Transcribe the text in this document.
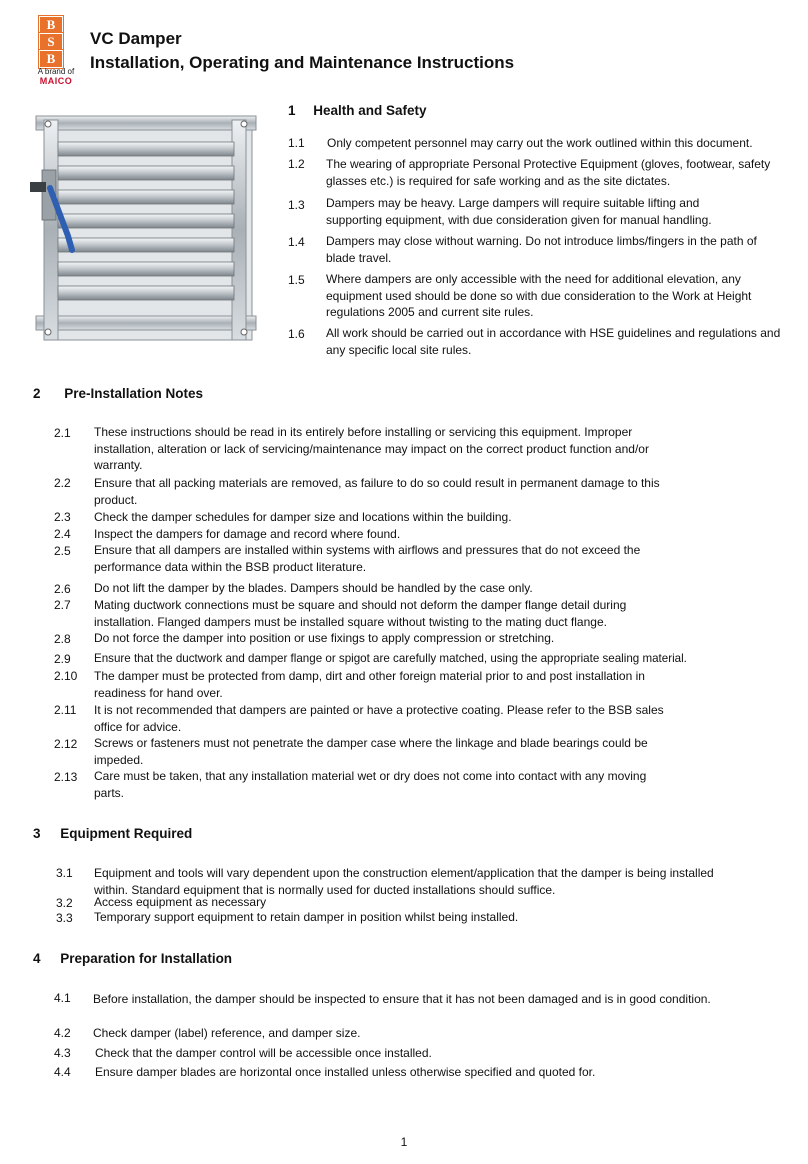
B
S
B
A brand of
MAICO
VC Damper
Installation, Operating and Maintenance Instructions
1 Health and Safety
1.1 Only competent personnel may carry out the work outlined within this document.
1.2 The wearing of appropriate Personal Protective Equipment (gloves, footwear, safety glasses etc.) is required for safe working and as the site dictates.
1.3 Dampers may be heavy. Large dampers will require suitable lifting and supporting equipment, with due consideration given for manual handling.
1.4 Dampers may close without warning. Do not introduce limbs/fingers in the path of blade travel.
1.5 Where dampers are only accessible with the need for additional elevation, any equipment used should be done so with due consideration to the Work at Height regulations 2005 and current site rules.
1.6 All work should be carried out in accordance with HSE guidelines and regulations and any specific local site rules.
2 Pre-Installation Notes
2.1 These instructions should be read in its entirely before installing or servicing this equipment. Improper installation, alteration or lack of servicing/maintenance may impact on the correct product function and/or warranty.
2.2 Ensure that all packing materials are removed, as failure to do so could result in permanent damage to this product.
2.3 Check the damper schedules for damper size and locations within the building.
2.4 Inspect the dampers for damage and record where found.
2.5 Ensure that all dampers are installed within systems with airflows and pressures that do not exceed the performance data within the BSB product literature.
2.6 Do not lift the damper by the blades. Dampers should be handled by the case only.
2.7 Mating ductwork connections must be square and should not deform the damper flange detail during installation. Flanged dampers must be installed square without twisting to the mating duct flange.
2.8 Do not force the damper into position or use fixings to apply compression or stretching.
2.9 Ensure that the ductwork and damper flange or spigot are carefully matched, using the appropriate sealing material.
2.10 The damper must be protected from damp, dirt and other foreign material prior to and post installation in readiness for hand over.
2.11 It is not recommended that dampers are painted or have a protective coating. Please refer to the BSB sales office for advice.
2.12 Screws or fasteners must not penetrate the damper case where the linkage and blade bearings could be impeded.
2.13 Care must be taken, that any installation material wet or dry does not come into contact with any moving parts.
3 Equipment Required
3.1 Equipment and tools will vary dependent upon the construction element/application that the damper is being installed within. Standard equipment that is normally used for ducted installations should suffice.
3.2 Access equipment as necessary
3.3 Temporary support equipment to retain damper in position whilst being installed.
4 Preparation for Installation
4.1 Before installation, the damper should be inspected to ensure that it has not been damaged and is in good condition.
4.2 Check damper (label) reference, and damper size.
4.3 Check that the damper control will be accessible once installed.
4.4 Ensure damper blades are horizontal once installed unless otherwise specified and quoted for.
1
